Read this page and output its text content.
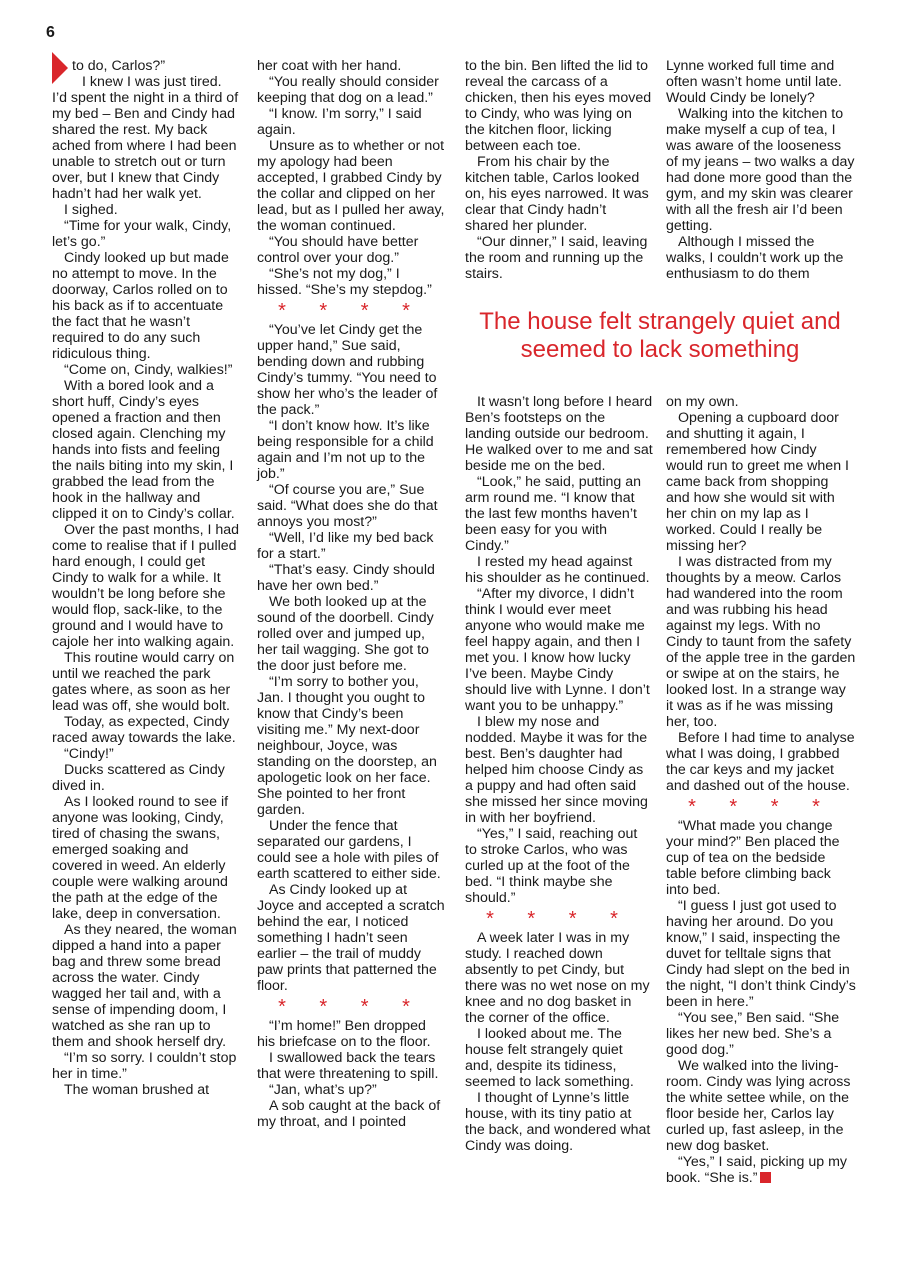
6

to do, Carlos?”

I knew I was just tired. I’d spent the night in a third of my bed – Ben and Cindy had shared the rest. My back ached from where I had been unable to stretch out or turn over, but I knew that Cindy hadn’t had her walk yet.

I sighed.

“Time for your walk, Cindy, let’s go.”

Cindy looked up but made no attempt to move. In the doorway, Carlos rolled on to his back as if to accentuate the fact that he wasn’t required to do any such ridiculous thing.

“Come on, Cindy, walkies!”

With a bored look and a short huff, Cindy’s eyes opened a fraction and then closed again. Clenching my hands into fists and feeling the nails biting into my skin, I grabbed the lead from the hook in the hallway and clipped it on to Cindy’s collar.

Over the past months, I had come to realise that if I pulled hard enough, I could get Cindy to walk for a while. It wouldn’t be long before she would flop, sack-like, to the ground and I would have to cajole her into walking again.

This routine would carry on until we reached the park gates where, as soon as her lead was off, she would bolt.

Today, as expected, Cindy raced away towards the lake.

“Cindy!”

Ducks scattered as Cindy dived in.

As I looked round to see if anyone was looking, Cindy, tired of chasing the swans, emerged soaking and covered in weed. An elderly couple were walking around the path at the edge of the lake, deep in conversation.

As they neared, the woman dipped a hand into a paper bag and threw some bread across the water. Cindy wagged her tail and, with a sense of impending doom, I watched as she ran up to them and shook herself dry.

“I’m so sorry. I couldn’t stop her in time.”

The woman brushed at

her coat with her hand.

“You really should consider keeping that dog on a lead.”

“I know. I’m sorry,” I said again.

Unsure as to whether or not my apology had been accepted, I grabbed Cindy by the collar and clipped on her lead, but as I pulled her away, the woman continued.

“You should have better control over your dog.”

“She’s not my dog,” I hissed. “She’s my stepdog.”

* * * *

“You’ve let Cindy get the upper hand,” Sue said, bending down and rubbing Cindy’s tummy. “You need to show her who’s the leader of the pack.”

“I don’t know how. It’s like being responsible for a child again and I’m not up to the job.”

“Of course you are,” Sue said. “What does she do that annoys you most?”

“Well, I’d like my bed back for a start.”

“That’s easy. Cindy should have her own bed.”

We both looked up at the sound of the doorbell. Cindy rolled over and jumped up, her tail wagging. She got to the door just before me.

“I’m sorry to bother you, Jan. I thought you ought to know that Cindy’s been visiting me.” My next-door neighbour, Joyce, was standing on the doorstep, an apologetic look on her face. She pointed to her front garden.

Under the fence that separated our gardens, I could see a hole with piles of earth scattered to either side.

As Cindy looked up at Joyce and accepted a scratch behind the ear, I noticed something I hadn’t seen earlier – the trail of muddy paw prints that patterned the floor.

* * * *

“I’m home!” Ben dropped his briefcase on to the floor.

I swallowed back the tears that were threatening to spill.

“Jan, what’s up?”

A sob caught at the back of my throat, and I pointed

to the bin. Ben lifted the lid to reveal the carcass of a chicken, then his eyes moved to Cindy, who was lying on the kitchen floor, licking between each toe.

From his chair by the kitchen table, Carlos looked on, his eyes narrowed. It was clear that Cindy hadn’t shared her plunder.

“Our dinner,” I said, leaving the room and running up the stairs.

Lynne worked full time and often wasn’t home until late. Would Cindy be lonely?

Walking into the kitchen to make myself a cup of tea, I was aware of the looseness of my jeans – two walks a day had done more good than the gym, and my skin was clearer with all the fresh air I’d been getting.

Although I missed the walks, I couldn’t work up the enthusiasm to do them

The house felt strangely quiet and seemed to lack something

It wasn’t long before I heard Ben’s footsteps on the landing outside our bedroom. He walked over to me and sat beside me on the bed.

“Look,” he said, putting an arm round me. “I know that the last few months haven’t been easy for you with Cindy.”

I rested my head against his shoulder as he continued.

“After my divorce, I didn’t think I would ever meet anyone who would make me feel happy again, and then I met you. I know how lucky I’ve been. Maybe Cindy should live with Lynne. I don’t want you to be unhappy.”

I blew my nose and nodded. Maybe it was for the best. Ben’s daughter had helped him choose Cindy as a puppy and had often said she missed her since moving in with her boyfriend.

“Yes,” I said, reaching out to stroke Carlos, who was curled up at the foot of the bed. “I think maybe she should.”

* * * *

A week later I was in my study. I reached down absently to pet Cindy, but there was no wet nose on my knee and no dog basket in the corner of the office.

I looked about me. The house felt strangely quiet and, despite its tidiness, seemed to lack something.

I thought of Lynne’s little house, with its tiny patio at the back, and wondered what Cindy was doing.

on my own.

Opening a cupboard door and shutting it again, I remembered how Cindy would run to greet me when I came back from shopping and how she would sit with her chin on my lap as I worked. Could I really be missing her?

I was distracted from my thoughts by a meow. Carlos had wandered into the room and was rubbing his head against my legs. With no Cindy to taunt from the safety of the apple tree in the garden or swipe at on the stairs, he looked lost. In a strange way it was as if he was missing her, too.

Before I had time to analyse what I was doing, I grabbed the car keys and my jacket and dashed out of the house.

* * * *

“What made you change your mind?” Ben placed the cup of tea on the bedside table before climbing back into bed.

“I guess I just got used to having her around. Do you know,” I said, inspecting the duvet for telltale signs that Cindy had slept on the bed in the night, “I don’t think Cindy’s been in here.”

“You see,” Ben said. “She likes her new bed. She’s a good dog.”

We walked into the living-room. Cindy was lying across the white settee while, on the floor beside her, Carlos lay curled up, fast asleep, in the new dog basket.

“Yes,” I said, picking up my book. “She is.”
